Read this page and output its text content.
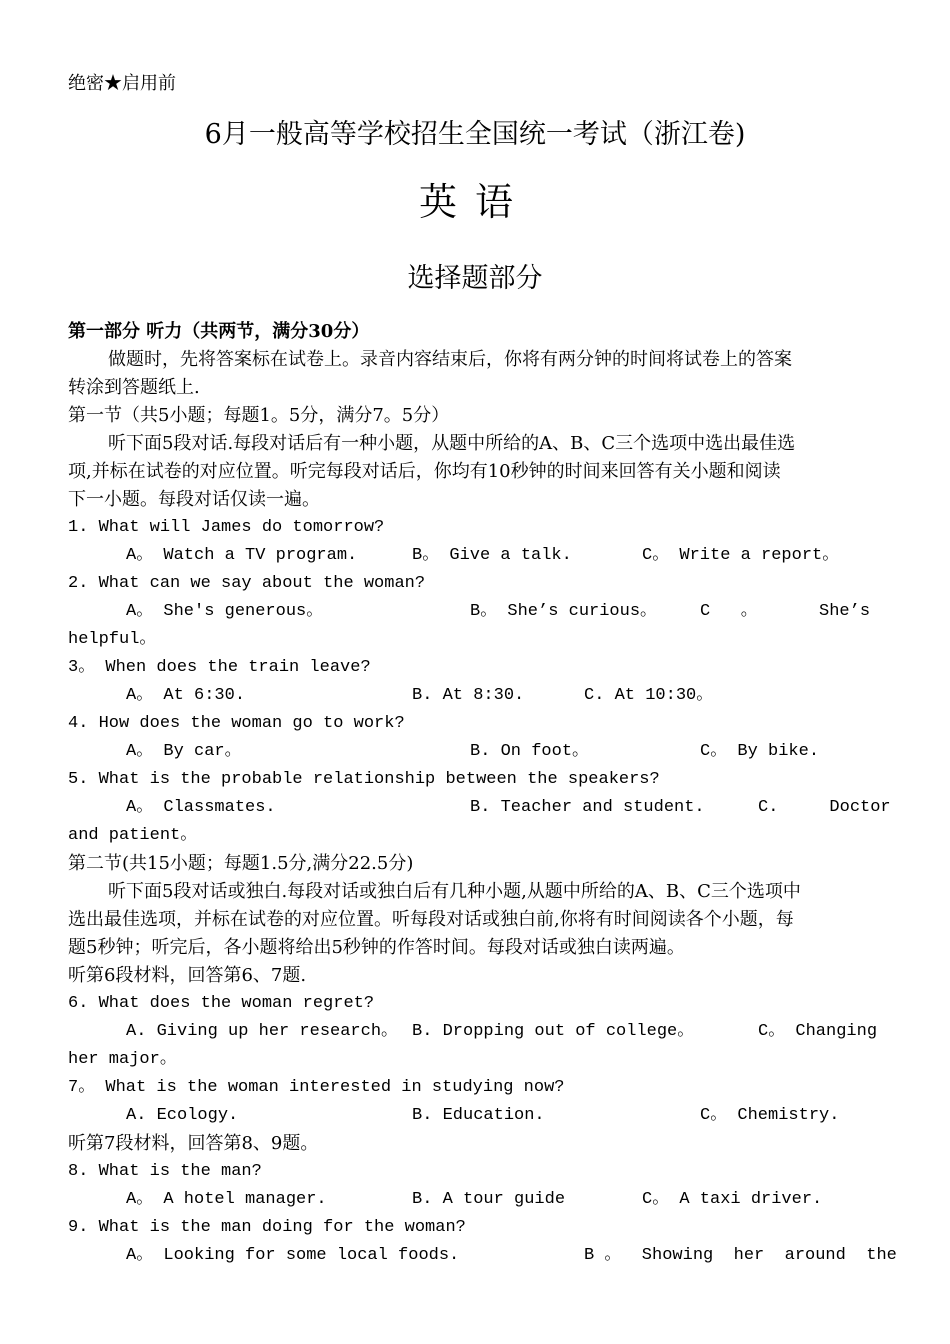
绝密★启用前
6月一般高等学校招生全国统一考试（浙江卷)
英语
选择题部分
第一部分 听力（共两节，满分30分）
做题时，先将答案标在试卷上。录音内容结束后，你将有两分钟的时间将试卷上的答案
转涂到答题纸上.
第一节（共5小题；每题1。5分，满分7。5分）
听下面5段对话.每段对话后有一种小题，从题中所给的A、B、C三个选项中选出最佳选
项,并标在试卷的对应位置。听完每段对话后，你均有10秒钟的时间来回答有关小题和阅读
下一小题。每段对话仅读一遍。
1. What will James do tomorrow?
A。 Watch a TV program.	B。 Give a talk.	C。 Write a report。
2. What can we say about the woman?
A。 She's generous。	B。 She’s curious。	C   。      She’s
helpful。
3。 When does the train leave?
A。 At 6:30.	B. At 8:30.	C. At 10:30。
4. How does the woman go to work?
A。 By car。	B. On foot。	C。 By bike.
5. What is the probable relationship between the speakers?
A。 Classmates.	B. Teacher and student.	C.     Doctor
and patient。
第二节(共15小题；每题1.5分,满分22.5分)
听下面5段对话或独白.每段对话或独白后有几种小题,从题中所给的A、B、C三个选项中
选出最佳选项，并标在试卷的对应位置。听每段对话或独白前,你将有时间阅读各个小题，每
题5秒钟；听完后，各小题将给出5秒钟的作答时间。每段对话或独白读两遍。
听第6段材料，回答第6、7题.
6. What does the woman regret?
A. Giving up her research。 B. Dropping out of college。	C。 Changing
her major。
7。 What is the woman interested in studying now?
A. Ecology.	B. Education.	C。 Chemistry.
听第7段材料，回答第8、9题。
8. What is the man?
A。 A hotel manager.	B. A tour guide	C。 A taxi driver.
9. What is the man doing for the woman?
A。 Looking for some local foods.	B 。  Showing  her  around  the
